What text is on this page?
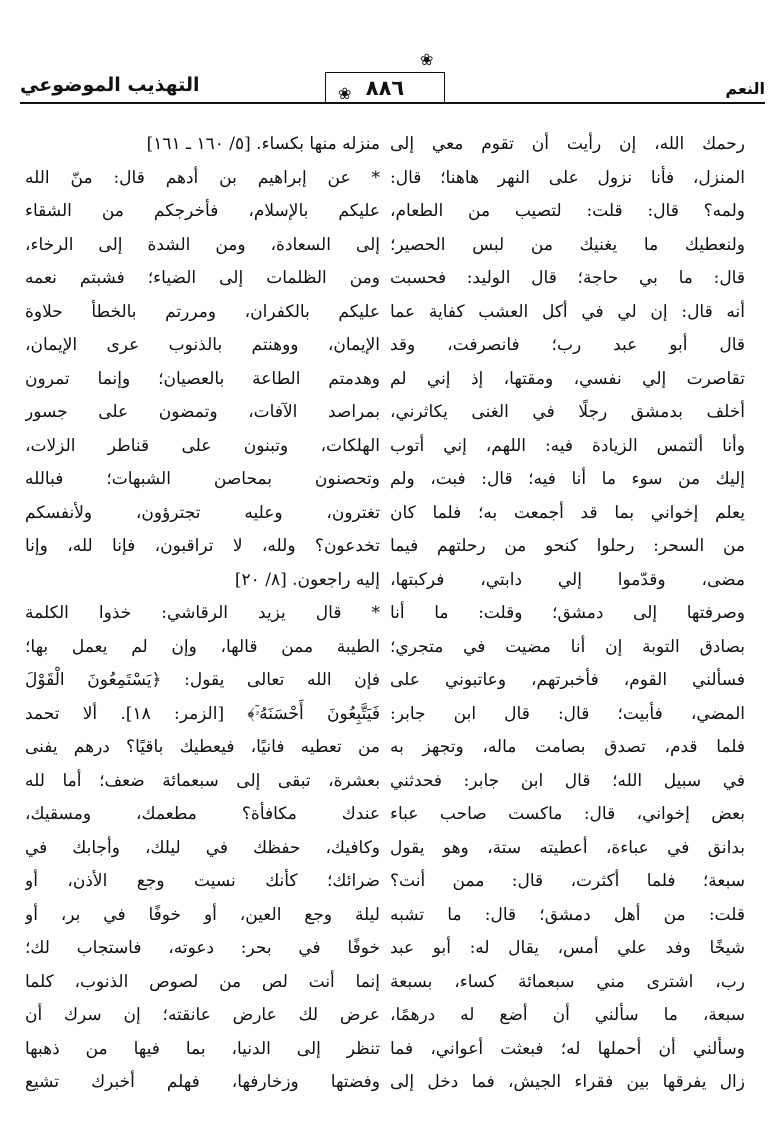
النعم
❀
٨٨٦
❀
التهذيب الموضوعي
رحمك الله، إن رأيت أن تقوم معي إلى
المنزل، فأنا نزول على النهر هاهنا؛ قال:
ولمه؟ قال: قلت: لتصيب من الطعام،
ولنعطيك ما يغنيك من لبس الحصير؛
قال: ما بي حاجة؛ قال الوليد: فحسبت
أنه قال: إن لي في أكل العشب كفاية عما
قال أبو عبد رب؛ فانصرفت، وقد
تقاصرت إلي نفسي، ومقتها، إذ إني لم
أخلف بدمشق رجلًا في الغنى يكاثرني،
وأنا ألتمس الزيادة فيه: اللهم، إني أتوب
إليك من سوء ما أنا فيه؛ قال: فبت، ولم
يعلم إخواني بما قد أجمعت به؛ فلما كان
من السحر: رحلوا كنحو من رحلتهم فيما
مضى، وقدّموا إلي دابتي، فركبتها،
وصرفتها إلى دمشق؛ وقلت: ما أنا
بصادق التوبة إن أنا مضيت في متجري؛
فسألني القوم، فأخبرتهم، وعاتبوني على
المضي، فأبيت؛ قال: قال ابن جابر:
فلما قدم، تصدق بصامت ماله، وتجهز به
في سبيل الله؛ قال ابن جابر: فحدثني
بعض إخواني، قال: ماكست صاحب عباء
بدانق في عباءة، أعطيته ستة، وهو يقول
سبعة؛ فلما أكثرت، قال: ممن أنت؟
قلت: من أهل دمشق؛ قال: ما تشبه
شيخًا وفد علي أمس، يقال له: أبو عبد
رب، اشترى مني سبعمائة كساء، بسبعة
سبعة، ما سألني أن أضع له درهمًا،
وسألني أن أحملها له؛ فبعثت أعواني، فما
زال يفرقها بين فقراء الجيش، فما دخل إلى
منزله منها بكساء. [٥/ ١٦٠ ـ ١٦١]
* عن إبراهيم بن أدهم قال: منّ الله
عليكم بالإسلام، فأخرجكم من الشقاء
إلى السعادة، ومن الشدة إلى الرخاء،
ومن الظلمات إلى الضياء؛ فشبتم نعمه
عليكم بالكفران، ومررتم بالخطأ حلاوة
الإيمان، ووهنتم بالذنوب عرى الإيمان،
وهدمتم الطاعة بالعصيان؛ وإنما تمرون
بمراصد الآفات، وتمضون على جسور
الهلكات، وتبنون على قناطر الزلات،
وتحصنون بمحاصن الشبهات؛ فبالله
تغترون، وعليه تجترؤون، ولأنفسكم
تخدعون؟ ولله، لا تراقبون، فإنا لله، وإنا
إليه راجعون. [٨/ ٢٠]
* قال يزيد الرقاشي: خذوا الكلمة
الطيبة ممن قالها، وإن لم يعمل بها؛
فإن الله تعالى يقول: ﴿يَسْتَمِعُونَ الْقَوْلَ
فَيَتَّبِعُونَ أَحْسَنَهُۥٓ﴾ [الزمر: ١٨]. ألا تحمد
من تعطيه فانيًا، فيعطيك باقيًا؟ درهم يفنى
بعشرة، تبقى إلى سبعمائة ضعف؛ أما لله
عندك مكافأة؟ مطعمك، ومسقيك،
وكافيك، حفظك في ليلك، وأجابك في
ضرائك؛ كأنك نسيت وجع الأذن، أو
ليلة وجع العين، أو خوفًا في بر، أو
خوفًا في بحر: دعوته، فاستجاب لك؛
إنما أنت لص من لصوص الذنوب، كلما
عرض لك عارض عانقته؛ إن سرك أن
تنظر إلى الدنيا، بما فيها من ذهبها
وفضتها وزخارفها، فهلم أخبرك تشيع
